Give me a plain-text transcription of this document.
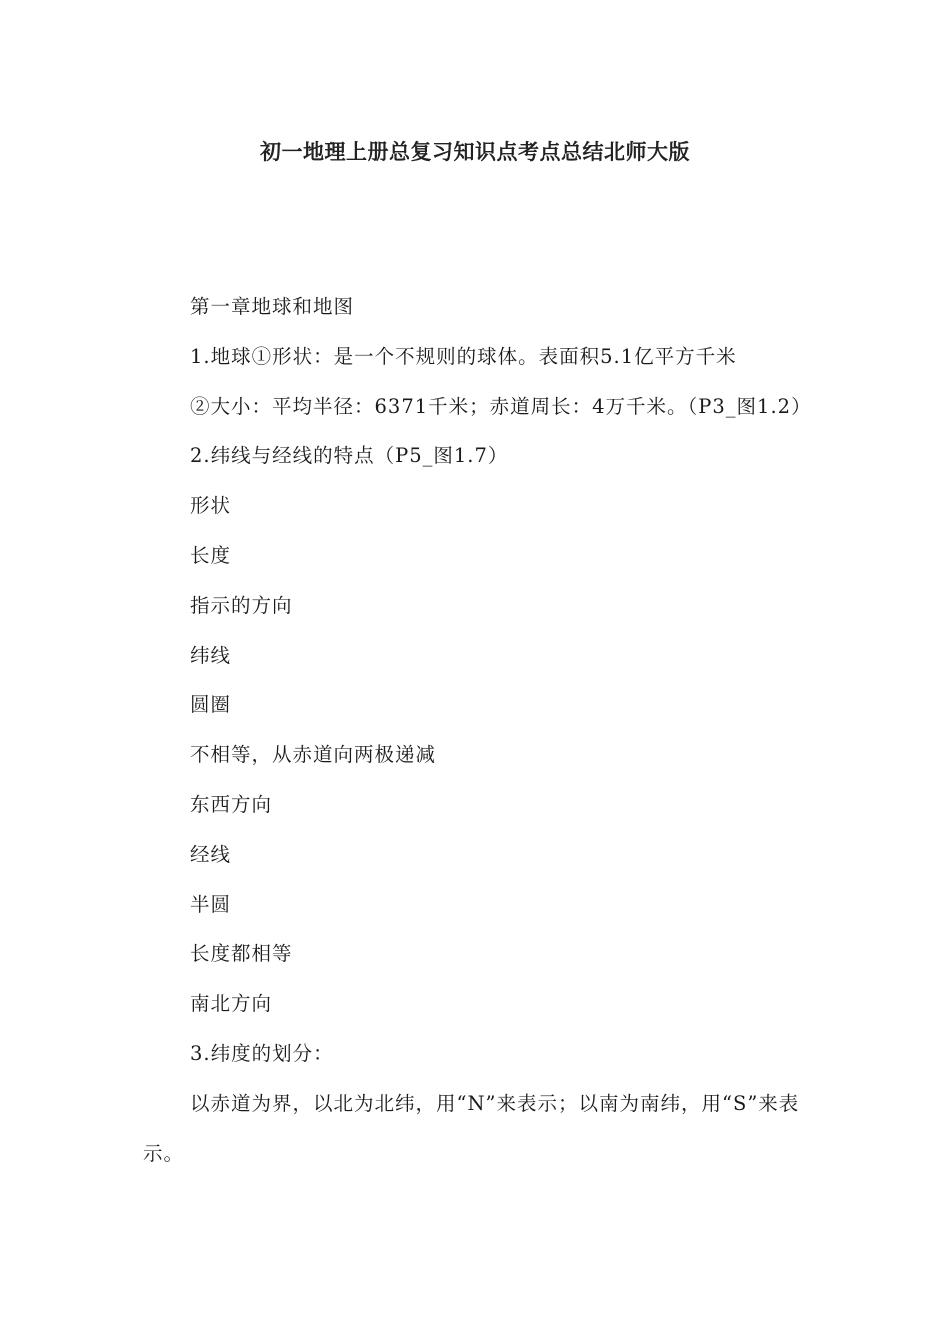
初一地理上册总复习知识点考点总结北师大版

第一章地球和地图

1.地球①形状：是一个不规则的球体。表面积5.1亿平方千米

②大小：平均半径：6371千米；赤道周长：4万千米。（P3_图1.2）

2.纬线与经线的特点（P5_图1.7）

形状

长度

指示的方向

纬线

圆圈

不相等，从赤道向两极递减

东西方向

经线

半圆

长度都相等

南北方向

3.纬度的划分：

以赤道为界，以北为北纬，用“N”来表示；以南为南纬，用“S”来表示。
